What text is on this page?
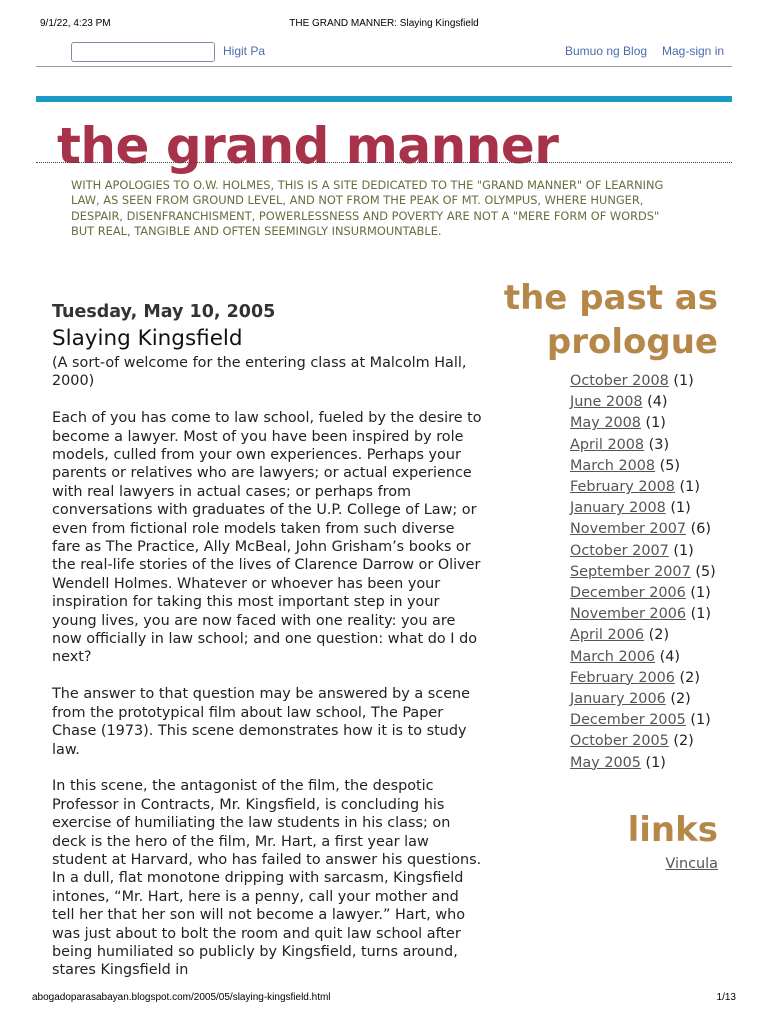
9/1/22, 4:23 PM	THE GRAND MANNER: Slaying Kingsfield
Higit Pa	Bumuo ng Blog Mag-sign in
the grand manner

WITH APOLOGIES TO O.W. HOLMES, THIS IS A SITE DEDICATED TO THE "GRAND MANNER" OF LEARNING LAW, AS SEEN FROM GROUND LEVEL, AND NOT FROM THE PEAK OF MT. OLYMPUS, WHERE HUNGER, DESPAIR, DISENFRANCHISMENT, POWERLESSNESS AND POVERTY ARE NOT A "MERE FORM OF WORDS" BUT REAL, TANGIBLE AND OFTEN SEEMINGLY INSURMOUNTABLE.

Tuesday, May 10, 2005
Slaying Kingsfield

(A sort-of welcome for the entering class at Malcolm Hall, 2000)

Each of you has come to law school, fueled by the desire to become a lawyer. Most of you have been inspired by role models, culled from your own experiences. Perhaps your parents or relatives who are lawyers; or actual experience with real lawyers in actual cases; or perhaps from conversations with graduates of the U.P. College of Law; or even from fictional role models taken from such diverse fare as The Practice, Ally McBeal, John Grisham’s books or the real-life stories of the lives of Clarence Darrow or Oliver Wendell Holmes. Whatever or whoever has been your inspiration for taking this most important step in your young lives, you are now faced with one reality: you are now officially in law school; and one question: what do I do next?

The answer to that question may be answered by a scene from the prototypical film about law school, The Paper Chase (1973). This scene demonstrates how it is to study law.

In this scene, the antagonist of the film, the despotic Professor in Contracts, Mr. Kingsfield, is concluding his exercise of humiliating the law students in his class; on deck is the hero of the film, Mr. Hart, a first year law student at Harvard, who has failed to answer his questions. In a dull, flat monotone dripping with sarcasm, Kingsfield intones, “Mr. Hart, here is a penny, call your mother and tell her that her son will not become a lawyer.” Hart, who was just about to bolt the room and quit law school after being humiliated so publicly by Kingsfield, turns around, stares Kingsfield in

the past as prologue
October 2008 (1)
June 2008 (4)
May 2008 (1)
April 2008 (3)
March 2008 (5)
February 2008 (1)
January 2008 (1)
November 2007 (6)
October 2007 (1)
September 2007 (5)
December 2006 (1)
November 2006 (1)
April 2006 (2)
March 2006 (4)
February 2006 (2)
January 2006 (2)
December 2005 (1)
October 2005 (2)
May 2005 (1)
links
Vincula
abogadoparasabayan.blogspot.com/2005/05/slaying-kingsfield.html	1/13
